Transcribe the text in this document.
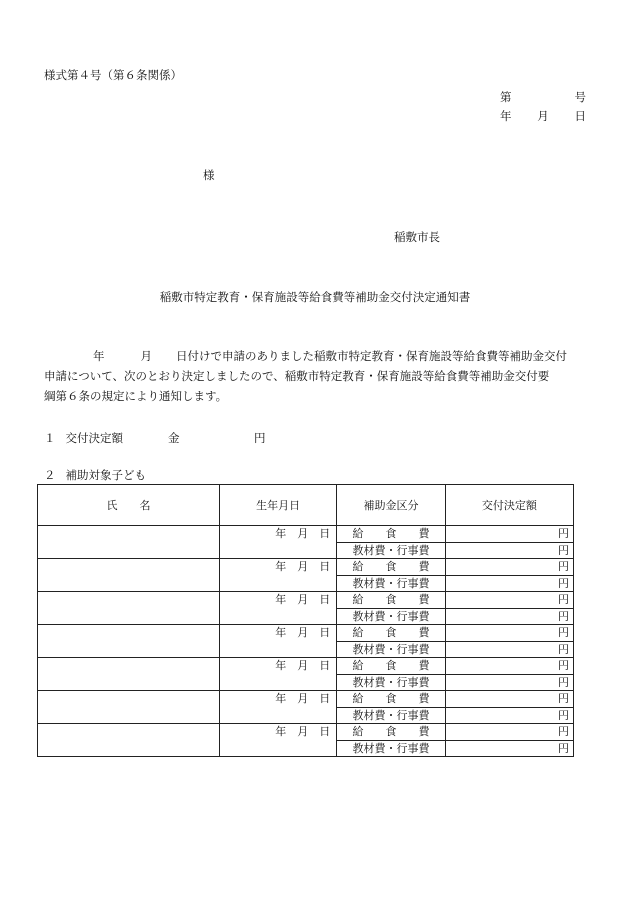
様式第４号（第６条関係）
第	号
年 月 日
様
稲敷市長
稲敷市特定教育・保育施設等給食費等補助金交付決定通知書

年	月 日付けで申請のありました稲敷市特定教育・保育施設等給食費等補助金交付

申請について、次のとおり決定しましたので、稲敷市特定教育・保育施設等給食費等補助金交付要

綱第６条の規定により通知します。

１ 交付決定額	金	円
２ 補助対象子ども
氏　　名	生年月日	補助金区分	交付決定額
	年　月　日	給　　食　　費	円
		教材費・行事費	円
	年　月　日	給　　食　　費	円
		教材費・行事費	円
	年　月　日	給　　食　　費	円
		教材費・行事費	円
	年　月　日	給　　食　　費	円
		教材費・行事費	円
	年　月　日	給　　食　　費	円
		教材費・行事費	円
	年　月　日	給　　食　　費	円
		教材費・行事費	円
	年　月　日	給　　食　　費	円
		教材費・行事費	円
